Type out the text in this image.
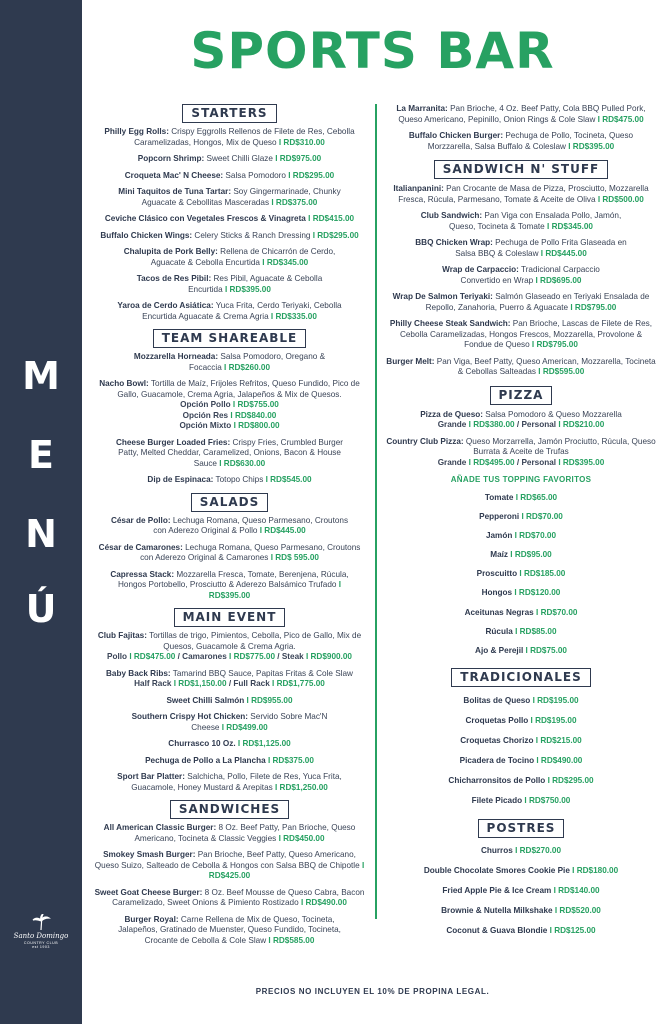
M
E
N
Ú
Santo Domingo
COUNTRY CLUB
est 1903
SPORTS BAR
STARTERS
Philly Egg Rolls: Crispy Eggrolls Rellenos de Filete de Res, Cebolla Caramelizadas, Hongos, Mix de Queso I RD$310.00
Popcorn Shrimp: Sweet Chilli Glaze I RD$975.00
Croqueta Mac' N Cheese: Salsa Pomodoro I RD$295.00
Mini Taquitos de Tuna Tartar: Soy Gingermarinade, Chunky Aguacate & Cebollitas Masceradas I RD$375.00
Ceviche Clásico con Vegetales Frescos & Vinagreta I RD$415.00
Buffalo Chicken Wings: Celery Sticks & Ranch Dressing I RD$295.00
Chalupita de Pork Belly: Rellena de Chicarrón de Cerdo, Aguacate & Cebolla Encurtida I RD$345.00
Tacos de Res Pibil: Res Pibil, Aguacate & Cebolla Encurtida I RD$395.00
Yaroa de Cerdo Asiática: Yuca Frita, Cerdo Teriyaki, Cebolla Encurtida Aguacate & Crema Agria I RD$335.00
TEAM SHAREABLE
Mozzarella Horneada: Salsa Pomodoro, Oregano & Focaccia I RD$260.00
Nacho Bowl: Tortilla de Maíz, Frijoles Refritos, Queso Fundido, Pico de Gallo, Guacamole, Crema Agria, Jalapeños & Mix de Quesos.
Opción Pollo I RD$755.00
Opción Res I RD$840.00
Opción Mixto I RD$800.00
Cheese Burger Loaded Fries: Crispy Fries, Crumbled Burger Patty, Melted Cheddar, Caramelized, Onions, Bacon & House Sauce I RD$630.00
Dip de Espinaca: Totopo Chips I RD$545.00
SALADS
César de Pollo: Lechuga Romana, Queso Parmesano, Croutons con Aderezo Original & Pollo I RD$445.00
César de Camarones: Lechuga Romana, Queso Parmesano, Croutons con Aderezo Original & Camarones I RD$ 595.00
Capressa Stack: Mozzarella Fresca, Tomate, Berenjena, Rúcula, Hongos Portobello, Prosciutto & Aderezo Balsámico Trufado I RD$395.00
MAIN EVENT
Club Fajitas: Tortillas de trigo, Pimientos, Cebolla, Pico de Gallo, Mix de Quesos, Guacamole & Crema Agria.
Pollo I RD$475.00 / Camarones I RD$775.00 / Steak I RD$900.00
Baby Back Ribs: Tamarind BBQ Sauce, Papitas Fritas & Cole Slaw
Half Rack I RD$1,150.00 / Full Rack I RD$1,775.00
Sweet Chilli Salmón I RD$955.00
Southern Crispy Hot Chicken: Servido Sobre Mac'N Cheese I RD$499.00
Churrasco 10 Oz. I RD$1,125.00
Pechuga de Pollo a La Plancha I RD$375.00
Sport Bar Platter: Salchicha, Pollo, Filete de Res, Yuca Frita, Guacamole, Honey Mustard & Arepitas I RD$1,250.00
SANDWICHES
All American Classic Burger: 8 Oz. Beef Patty, Pan Brioche, Queso Americano, Tocineta & Classic Veggies I RD$450.00
Smokey Smash Burger: Pan Brioche, Beef Patty, Queso Americano, Queso Suizo, Salteado de Cebolla & Hongos con Salsa BBQ de Chipotle I RD$425.00
Sweet Goat Cheese Burger: 8 Oz. Beef Mousse de Queso Cabra, Bacon Caramelizado, Sweet Onions & Pimiento Rostizado I RD$490.00
Burger Royal: Carne Rellena de Mix de Queso, Tocineta, Jalapeños, Gratinado de Muenster, Queso Fundido, Tocineta, Crocante de Cebolla & Cole Slaw I RD$585.00
La Marranita: Pan Brioche, 4 Oz. Beef Patty, Cola BBQ Pulled Pork, Queso Americano, Pepinillo, Onion Rings & Cole Slaw I RD$475.00
Buffalo Chicken Burger: Pechuga de Pollo, Tocineta, Queso Morzzarella, Salsa Buffalo & Coleslaw I RD$395.00
SANDWICH N' STUFF
Italianpanini: Pan Crocante de Masa de Pizza, Prosciutto, Mozzarella Fresca, Rúcula, Parmesano, Tomate & Aceite de Oliva I RD$500.00
Club Sandwich: Pan Viga con Ensalada Pollo, Jamón, Queso, Tocineta & Tomate I RD$345.00
BBQ Chicken Wrap: Pechuga de Pollo Frita Glaseada en Salsa BBQ & Coleslaw I RD$445.00
Wrap de Carpaccio: Tradicional Carpaccio Convertido en Wrap I RD$695.00
Wrap De Salmon Teriyaki: Salmón Glaseado en Teriyaki Ensalada de Repollo, Zanahoria, Puerro & Aguacate I RD$795.00
Philly Cheese Steak Sandwich: Pan Brioche, Lascas de Filete de Res, Cebolla Caramelizadas, Hongos Frescos, Mozzarella, Provolone & Fondue de Queso I RD$795.00
Burger Melt: Pan Viga, Beef Patty, Queso American, Mozzarella, Tocineta & Cebollas Salteadas I RD$595.00
PIZZA
Pizza de Queso: Salsa Pomodoro & Queso Mozzarella
Grande I RD$380.00 / Personal I RD$210.00
Country Club Pizza: Queso Morzarrella, Jamón Prociutto, Rúcula, Queso Burrata & Aceite de Trufas
Grande I RD$495.00 / Personal I RD$395.00
AÑADE TUS TOPPING FAVORITOS
Tomate I RD$65.00
Pepperoni I RD$70.00
Jamón I RD$70.00
Maíz I RD$95.00
Proscuitto I RD$185.00
Hongos I RD$120.00
Aceitunas Negras I RD$70.00
Rúcula I RD$85.00
Ajo & Perejil I RD$75.00
TRADICIONALES
Bolitas de Queso I RD$195.00
Croquetas Pollo I RD$195.00
Croquetas Chorizo I RD$215.00
Picadera de Tocino I RD$490.00
Chicharronsitos de Pollo I RD$295.00
Filete Picado I RD$750.00
POSTRES
Churros I RD$270.00
Double Chocolate Smores Cookie Pie I RD$180.00
Fried Apple Pie & Ice Cream I RD$140.00
Brownie & Nutella Milkshake I RD$520.00
Coconut & Guava Blondie I RD$125.00
PRECIOS NO INCLUYEN EL 10% DE PROPINA LEGAL.
